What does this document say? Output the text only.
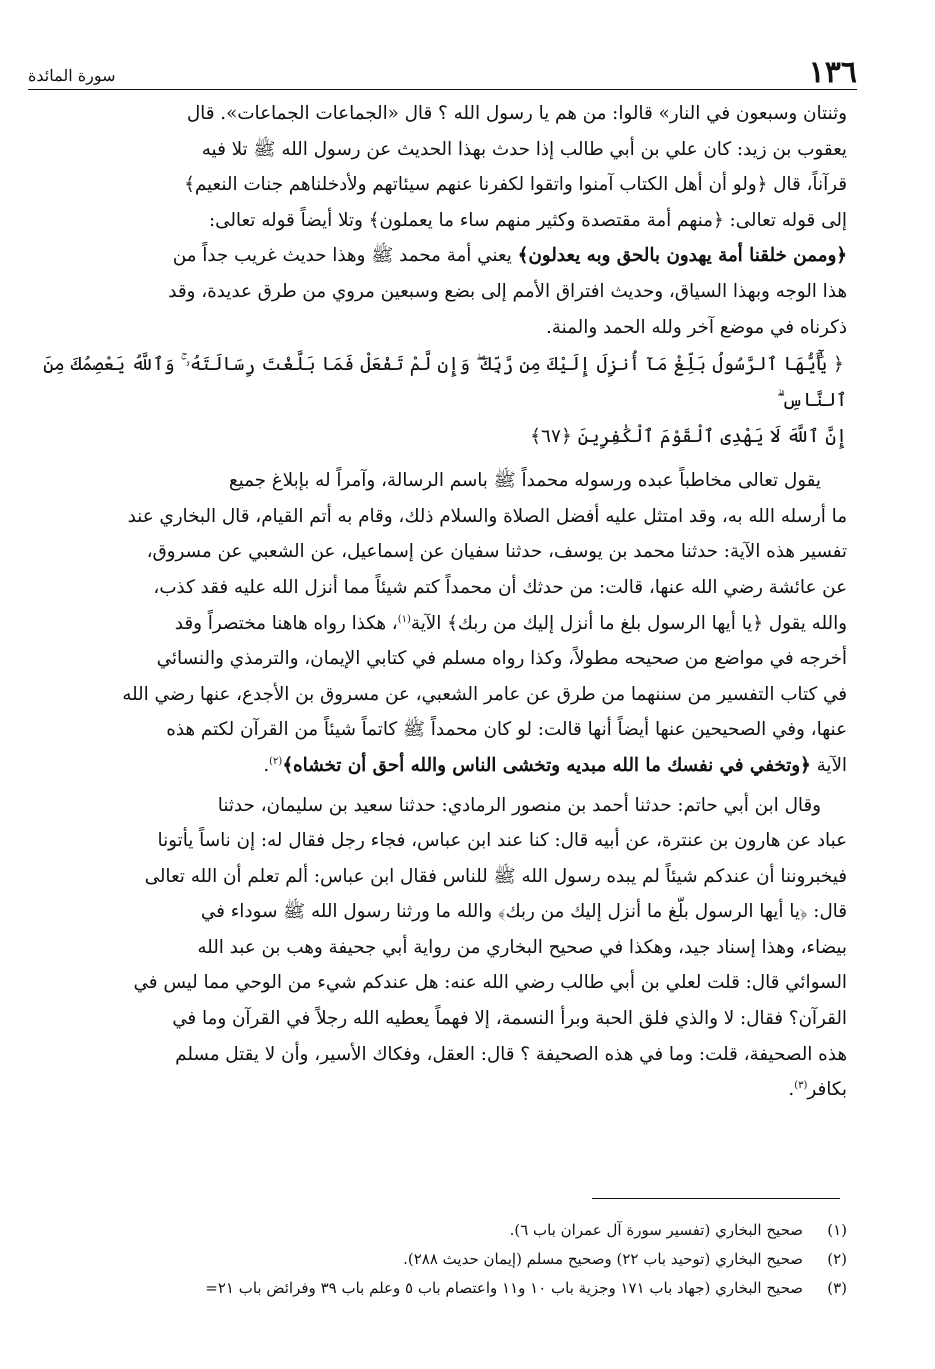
سورة المائدة	١٣٦

وثنتان وسبعون في النار» قالوا: من هم يا رسول الله ؟ قال «الجماعات الجماعات». قال

يعقوب بن زيد: كان علي بن أبي طالب إذا حدث بهذا الحديث عن رسول الله ﷺ تلا فيه

قرآناً، قال ﴿ولو أن أهل الكتاب آمنوا واتقوا لكفرنا عنهم سيئاتهم ولأدخلناهم جنات النعيم﴾

إلى قوله تعالى: ﴿منهم أمة مقتصدة وكثير منهم ساء ما يعملون﴾ وتلا أيضاً قوله تعالى:

﴿وممن خلقنا أمة يهدون بالحق وبه يعدلون﴾ يعني أمة محمد ﷺ وهذا حديث غريب جداً من

هذا الوجه وبهذا السياق، وحديث افتراق الأمم إلى بضع وسبعين مروي من طرق عديدة، وقد

ذكرناه في موضع آخر ولله الحمد والمنة.

﴿ يَٰٓأَيُّهَا ٱلرَّسُولُ بَلِّغْ مَآ أُنزِلَ إِلَيْكَ مِن رَّبِّكَ ۖ وَإِن لَّمْ تَفْعَلْ فَمَا بَلَّغْتَ رِسَالَتَهُۥ ۚ وَٱللَّهُ يَعْصِمُكَ مِنَ ٱلنَّاسِ ۗ
إِنَّ ٱللَّهَ لَا يَهْدِى ٱلْقَوْمَ ٱلْكَٰفِرِينَ ﴿٦٧﴾

يقول تعالى مخاطباً عبده ورسوله محمداً ﷺ باسم الرسالة، وآمراً له بإبلاغ جميع

ما أرسله الله به، وقد امتثل عليه أفضل الصلاة والسلام ذلك، وقام به أتم القيام، قال البخاري عند

تفسير هذه الآية: حدثنا محمد بن يوسف، حدثنا سفيان عن إسماعيل، عن الشعبي عن مسروق،

عن عائشة رضي الله عنها، قالت: من حدثك أن محمداً كتم شيئاً مما أنزل الله عليه فقد كذب،

والله يقول ﴿يا أيها الرسول بلغ ما أنزل إليك من ربك﴾ الآية$^{(١)}$، هكذا رواه هاهنا مختصراً وقد

أخرجه في مواضع من صحيحه مطولاً، وكذا رواه مسلم في كتابي الإيمان، والترمذي والنسائي

في كتاب التفسير من سننهما من طرق عن عامر الشعبي، عن مسروق بن الأجدع، عنها رضي الله

عنها، وفي الصحيحين عنها أيضاً أنها قالت: لو كان محمداً ﷺ كاتماً شيئاً من القرآن لكتم هذه

الآية ﴿وتخفي في نفسك ما الله مبديه وتخشى الناس والله أحق أن تخشاه﴾$^{(٢)}$.

وقال ابن أبي حاتم: حدثنا أحمد بن منصور الرمادي: حدثنا سعيد بن سليمان، حدثنا

عباد عن هارون بن عنترة، عن أبيه قال: كنا عند ابن عباس، فجاء رجل فقال له: إن ناساً يأتونا

فيخبروننا أن عندكم شيئاً لم يبده رسول الله ﷺ للناس فقال ابن عباس: ألم تعلم أن الله تعالى

قال: ﴿يا أيها الرسول بلّغ ما أنزل إليك من ربك﴾ والله ما ورثنا رسول الله ﷺ سوداء في

بيضاء، وهذا إسناد جيد، وهكذا في صحيح البخاري من رواية أبي جحيفة وهب بن عبد الله

السوائي قال: قلت لعلي بن أبي طالب رضي الله عنه: هل عندكم شيء من الوحي مما ليس في

القرآن؟ فقال: لا والذي فلق الحبة وبرأ النسمة، إلا فهماً يعطيه الله رجلاً في القرآن وما في

هذه الصحيفة، قلت: وما في هذه الصحيفة ؟ قال: العقل، وفكاك الأسير، وأن لا يقتل مسلم

بكافر$^{(٣)}$.

(١)
صحيح البخاري (تفسير سورة آل عمران باب ٦).
(٢)
صحيح البخاري (توحيد باب ٢٢) وصحيح مسلم (إيمان حديث ٢٨٨).
(٣)
صحيح البخاري (جهاد باب ١٧١ وجزية باب ١٠ و١١ واعتصام باب ٥ وعلم باب ٣٩ وفرائض باب ٢١=
